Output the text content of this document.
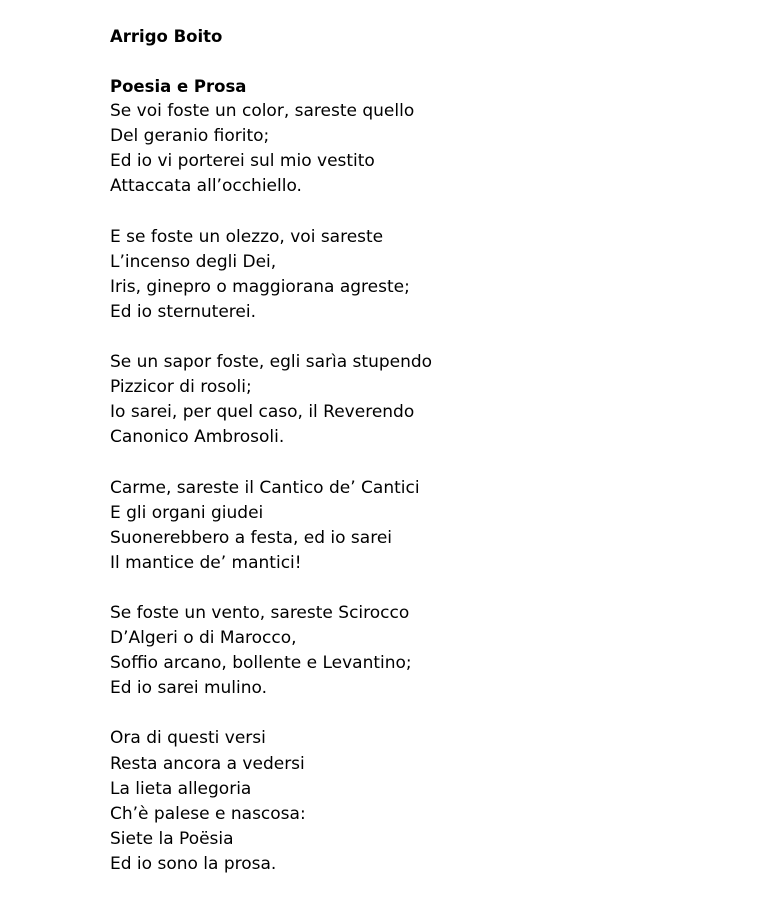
Arrigo Boito
Poesia e Prosa
Se voi foste un color, sareste quello
Del geranio fiorito;
Ed io vi porterei sul mio vestito
Attaccata all’occhiello.
E se foste un olezzo, voi sareste
L’incenso degli Dei,
Iris, ginepro o maggiorana agreste;
Ed io sternuterei.
Se un sapor foste, egli sarìa stupendo
Pizzicor di rosoli;
Io sarei, per quel caso, il Reverendo
Canonico Ambrosoli.
Carme, sareste il Cantico de’ Cantici
E gli organi giudei
Suonerebbero a festa, ed io sarei
Il mantice de’ mantici!
Se foste un vento, sareste Scirocco
D’Algeri o di Marocco,
Soffio arcano, bollente e Levantino;
Ed io sarei mulino.
Ora di questi versi
Resta ancora a vedersi
La lieta allegoria
Ch’è palese e nascosa:
Siete la Poësia
Ed io sono la prosa.
